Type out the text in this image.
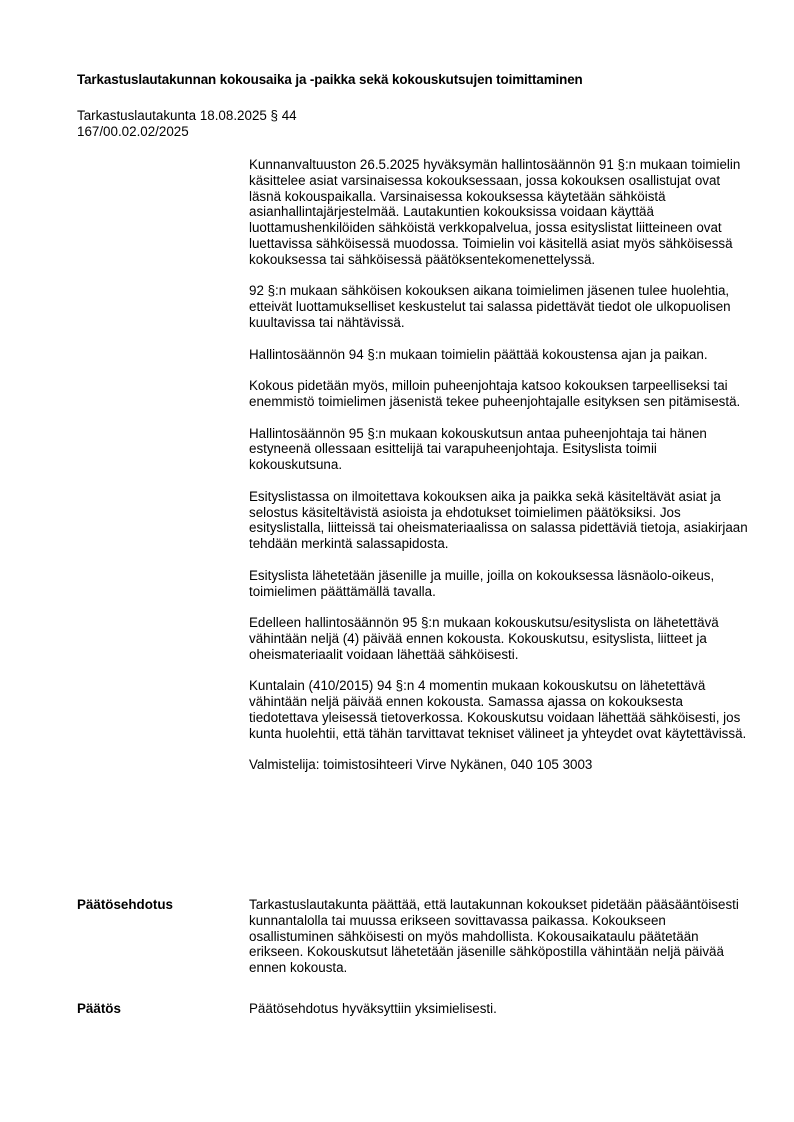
Tarkastuslautakunnan kokousaika ja -paikka sekä kokouskutsujen toimittaminen
Tarkastuslautakunta 18.08.2025 § 44
167/00.02.02/2025

Kunnanvaltuuston 26.5.2025 hyväksymän hallintosäännön 91 §:n mukaan toimielin käsittelee asiat varsinaisessa kokouksessaan, jossa kokouksen osallistujat ovat läsnä kokouspaikalla. Varsinaisessa kokouksessa käytetään sähköistä asianhallintajärjestelmää. Lautakuntien kokouksissa voidaan käyttää luottamushenkilöiden sähköistä verkkopalvelua, jossa esityslistat liitteineen ovat luettavissa sähköisessä muodossa. Toimielin voi käsitellä asiat myös sähköisessä kokouksessa tai sähköisessä päätöksentekomenettelyssä.

92 §:n mukaan sähköisen kokouksen aikana toimielimen jäsenen tulee huolehtia, etteivät luottamukselliset keskustelut tai salassa pidettävät tiedot ole ulkopuolisen kuultavissa tai nähtävissä.

Hallintosäännön 94 §:n mukaan toimielin päättää kokoustensa ajan ja paikan.

Kokous pidetään myös, milloin puheenjohtaja katsoo kokouksen tarpeelliseksi tai enemmistö toimielimen jäsenistä tekee puheenjohtajalle esityksen sen pitämisestä.

Hallintosäännön 95 §:n mukaan kokouskutsun antaa puheenjohtaja tai hänen estyneenä ollessaan esittelijä tai varapuheenjohtaja. Esityslista toimii kokouskutsuna.

Esityslistassa on ilmoitettava kokouksen aika ja paikka sekä käsiteltävät asiat ja selostus käsiteltävistä asioista ja ehdotukset toimielimen päätöksiksi. Jos esityslistalla, liitteissä tai oheismateriaalissa on salassa pidettäviä tietoja, asiakirjaan tehdään merkintä salassapidosta.

Esityslista lähetetään jäsenille ja muille, joilla on kokouksessa läsnäolo-oikeus, toimielimen päättämällä tavalla.

Edelleen hallintosäännön 95 §:n mukaan kokouskutsu/esityslista on lähetettävä vähintään neljä (4) päivää ennen kokousta. Kokouskutsu, esityslista, liitteet ja oheismateriaalit voidaan lähettää sähköisesti.

Kuntalain (410/2015) 94 §:n 4 momentin mukaan kokouskutsu on lähetettävä vähintään neljä päivää ennen kokousta. Samassa ajassa on kokouksesta tiedotettava yleisessä tietoverkossa. Kokouskutsu voidaan lähettää sähköisesti, jos kunta huolehtii, että tähän tarvittavat tekniset välineet ja yhteydet ovat käytettävissä.

Valmistelija: toimistosihteeri Virve Nykänen, 040 105 3003

Päätösehdotus	Tarkastuslautakunta päättää, että lautakunnan kokoukset pidetään pääsääntöisesti kunnantalolla tai muussa erikseen sovittavassa paikassa. Kokoukseen osallistuminen sähköisesti on myös mahdollista. Kokousaikataulu päätetään erikseen. Kokouskutsut lähetetään jäsenille sähköpostilla vähintään neljä päivää ennen kokousta.
Päätös	Päätösehdotus hyväksyttiin yksimielisesti.
